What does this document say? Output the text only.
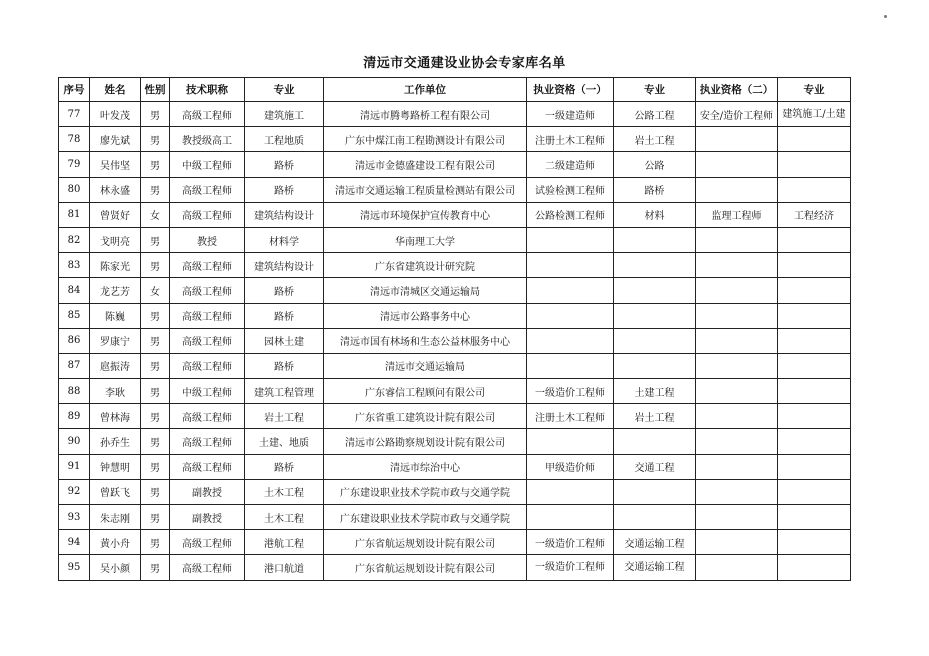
清远市交通建设业协会专家库名单
序号	姓名	性别	技术职称	专业	工作单位	执业资格（一）	专业	执业资格（二）	专业
77	叶发茂	男	高级工程师	建筑施工	清远市腾粤路桥工程有限公司	一级建造师	公路工程	安全/造价工程师	建筑施工/土建
78	廖先斌	男	教授级高工	工程地质	广东中煤江南工程勘测设计有限公司	注册土木工程师	岩土工程		
79	吴伟坚	男	中级工程师	路桥	清远市金德盛建设工程有限公司	二级建造师	公路		
80	林永盛	男	高级工程师	路桥	清远市交通运输工程质量检测站有限公司	试验检测工程师	路桥		
81	曾贤好	女	高级工程师	建筑结构设计	清远市环境保护宣传教育中心	公路检测工程师	材料	监理工程师	工程经济
82	戈明亮	男	教授	材料学	华南理工大学				
83	陈家光	男	高级工程师	建筑结构设计	广东省建筑设计研究院				
84	龙艺芳	女	高级工程师	路桥	清远市清城区交通运输局				
85	陈巍	男	高级工程师	路桥	清远市公路事务中心				
86	罗康宁	男	高级工程师	园林土建	清远市国有林场和生态公益林服务中心				
87	扈振涛	男	高级工程师	路桥	清远市交通运输局				
88	李耿	男	中级工程师	建筑工程管理	广东睿信工程顾问有限公司	一级造价工程师	土建工程		
89	曾林海	男	高级工程师	岩土工程	广东省重工建筑设计院有限公司	注册土木工程师	岩土工程		
90	孙乔生	男	高级工程师	土建、地质	清远市公路勘察规划设计院有限公司				
91	钟慧明	男	高级工程师	路桥	清远市综治中心	甲级造价师	交通工程		
92	曾跃飞	男	副教授	土木工程	广东建设职业技术学院市政与交通学院				
93	朱志刚	男	副教授	土木工程	广东建设职业技术学院市政与交通学院				
94	黄小舟	男	高级工程师	港航工程	广东省航运规划设计院有限公司	一级造价工程师	交通运输工程		
95	吴小颜	男	高级工程师	港口航道	广东省航运规划设计院有限公司	一级造价工程师	交通运输工程		
